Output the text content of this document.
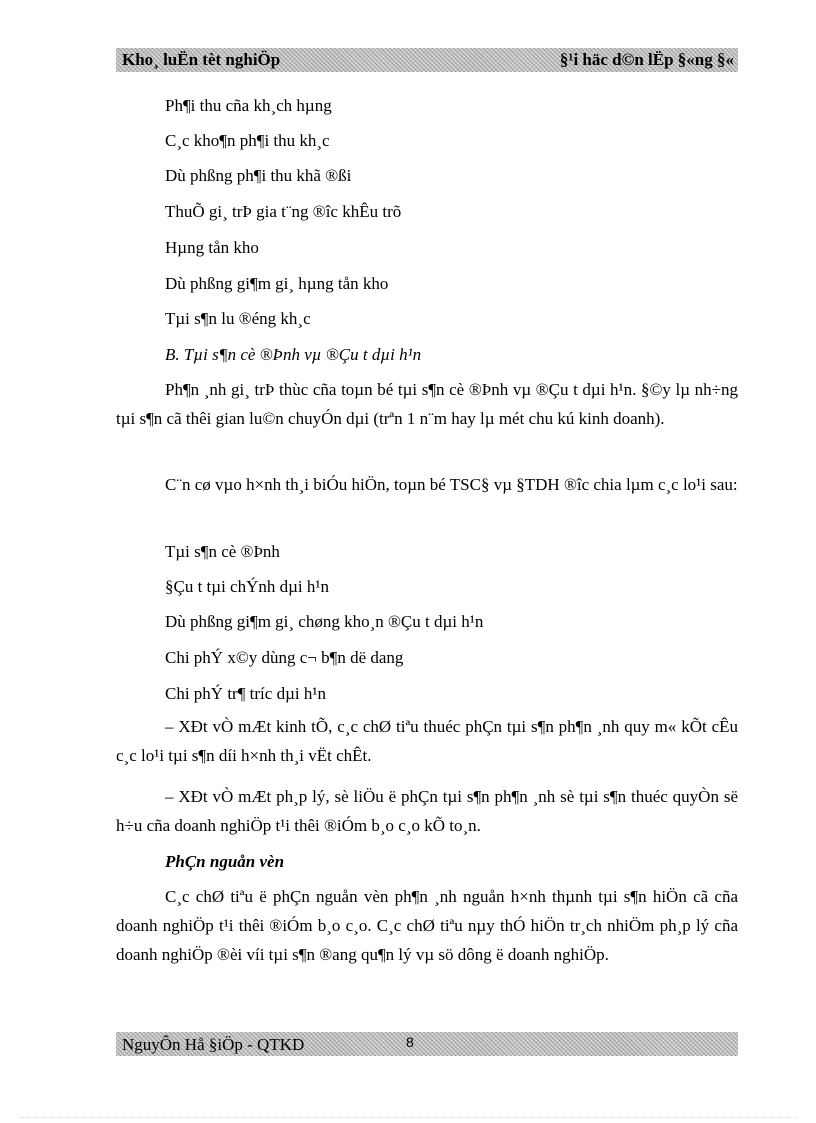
Kho¸ luËn tèt nghiÖp	§¹i häc d©n lËp §«ng §«
Ph¶i thu cña kh¸ch hµng
C¸c kho¶n ph¶i thu kh¸c
Dù phßng ph¶i thu khã ®ßi
ThuÕ gi¸ trÞ gia t¨ng ®îc khÊu trõ
Hµng tån kho
Dù phßng gi¶m gi¸ hµng tån kho
Tµi s¶n lu ®éng kh¸c
B. Tµi s¶n cè ®Þnh vµ ®Çu t dµi h¹n
Ph¶n ¸nh gi¸ trÞ thùc cña toµn bé tµi s¶n cè ®Þnh vµ ®Çu t dµi h¹n. §©y lµ nh÷ng tµi s¶n cã thêi gian lu©n chuyÓn dµi (trªn 1 n¨m hay lµ mét chu kú kinh doanh).
C¨n cø vµo h×nh th¸i biÓu hiÖn, toµn bé TSC§ vµ §TDH ®îc chia lµm c¸c lo¹i sau:
Tµi s¶n cè ®Þnh
§Çu t tµi chÝnh dµi h¹n
Dù phßng gi¶m gi¸ chøng kho¸n ®Çu t dµi h¹n
Chi phÝ x©y dùng c¬ b¶n dë dang
Chi phÝ tr¶ tríc dµi h¹n
– XÐt vÒ mÆt kinh tÕ, c¸c chØ tiªu thuéc phÇn tµi s¶n ph¶n ¸nh quy m« kÕt cÊu c¸c lo¹i tµi s¶n díi h×nh th¸i vËt chÊt.
– XÐt vÒ mÆt ph¸p lý, sè liÖu ë phÇn tµi s¶n ph¶n ¸nh sè tµi s¶n thuéc quyÒn së h÷u cña doanh nghiÖp t¹i thêi ®iÓm b¸o c¸o kÕ to¸n.
PhÇn nguån vèn
C¸c chØ tiªu ë phÇn nguån vèn ph¶n ¸nh nguån h×nh thµnh tµi s¶n hiÖn cã cña doanh nghiÖp t¹i thêi ®iÓm b¸o c¸o. C¸c chØ tiªu nµy thÓ hiÖn tr¸ch nhiÖm ph¸p lý cña doanh nghiÖp ®èi víi tµi s¶n ®ang qu¶n lý vµ sö dông ë doanh nghiÖp.
NguyÔn Hå §iÖp - QTKD	8
